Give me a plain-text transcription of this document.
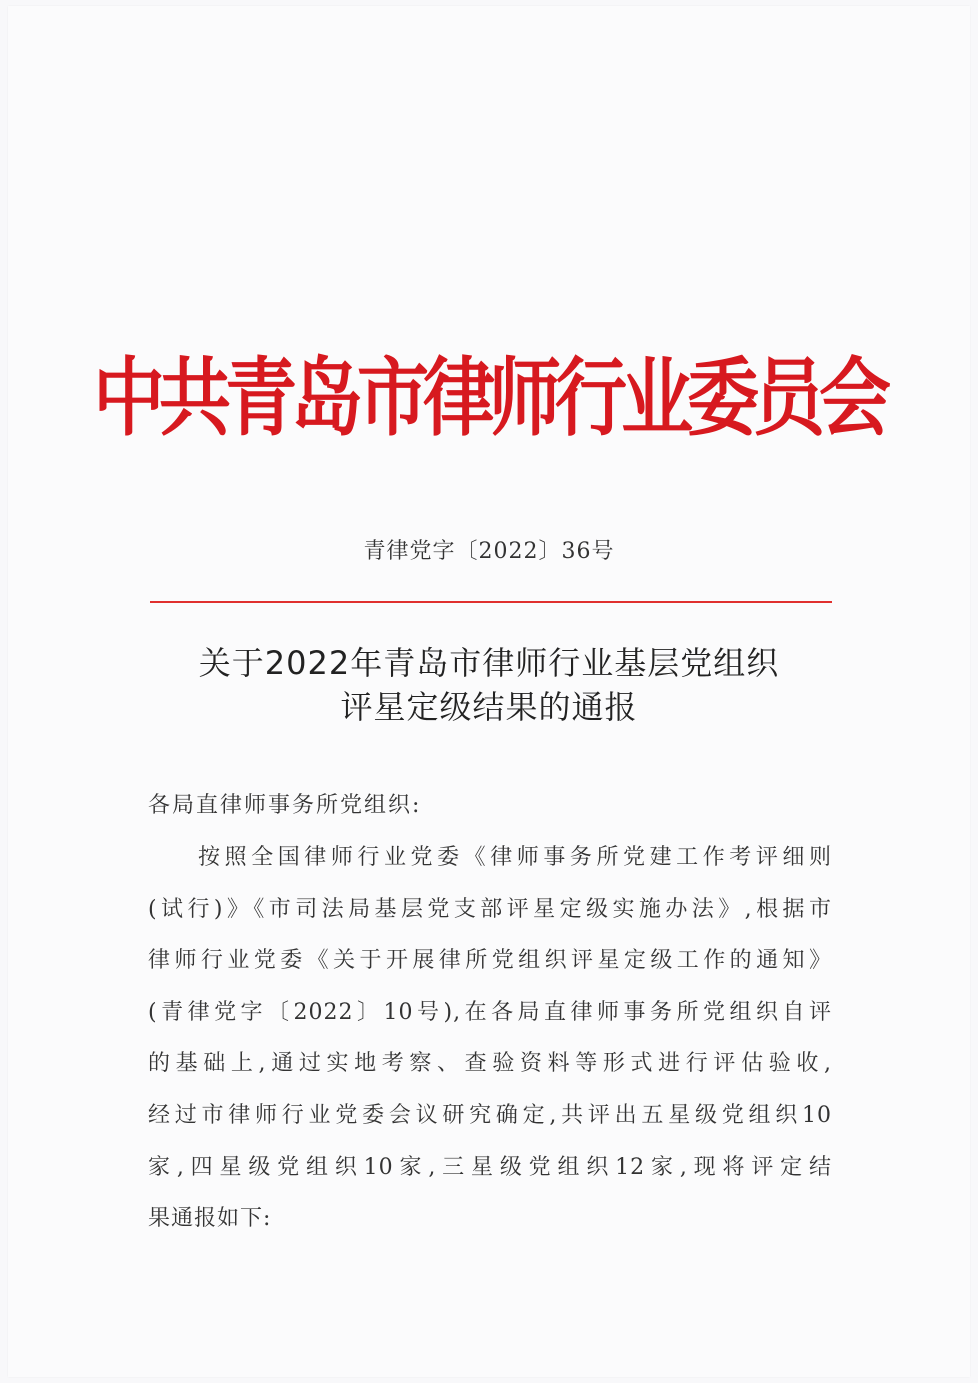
中共青岛市律师行业委员会
青律党字〔2022〕36号
关于2022年青岛市律师行业基层党组织
评星定级结果的通报
各局直律师事务所党组织:
按照全国律师行业党委《律师事务所党建工作考评细则
(试行)》《市司法局基层党支部评星定级实施办法》,根据市
律师行业党委《关于开展律所党组织评星定级工作的通知》
(青律党字〔2022〕10号),在各局直律师事务所党组织自评
的基础上,通过实地考察、查验资料等形式进行评估验收,
经过市律师行业党委会议研究确定,共评出五星级党组织10
家,四星级党组织10家,三星级党组织12家,现将评定结
果通报如下:
